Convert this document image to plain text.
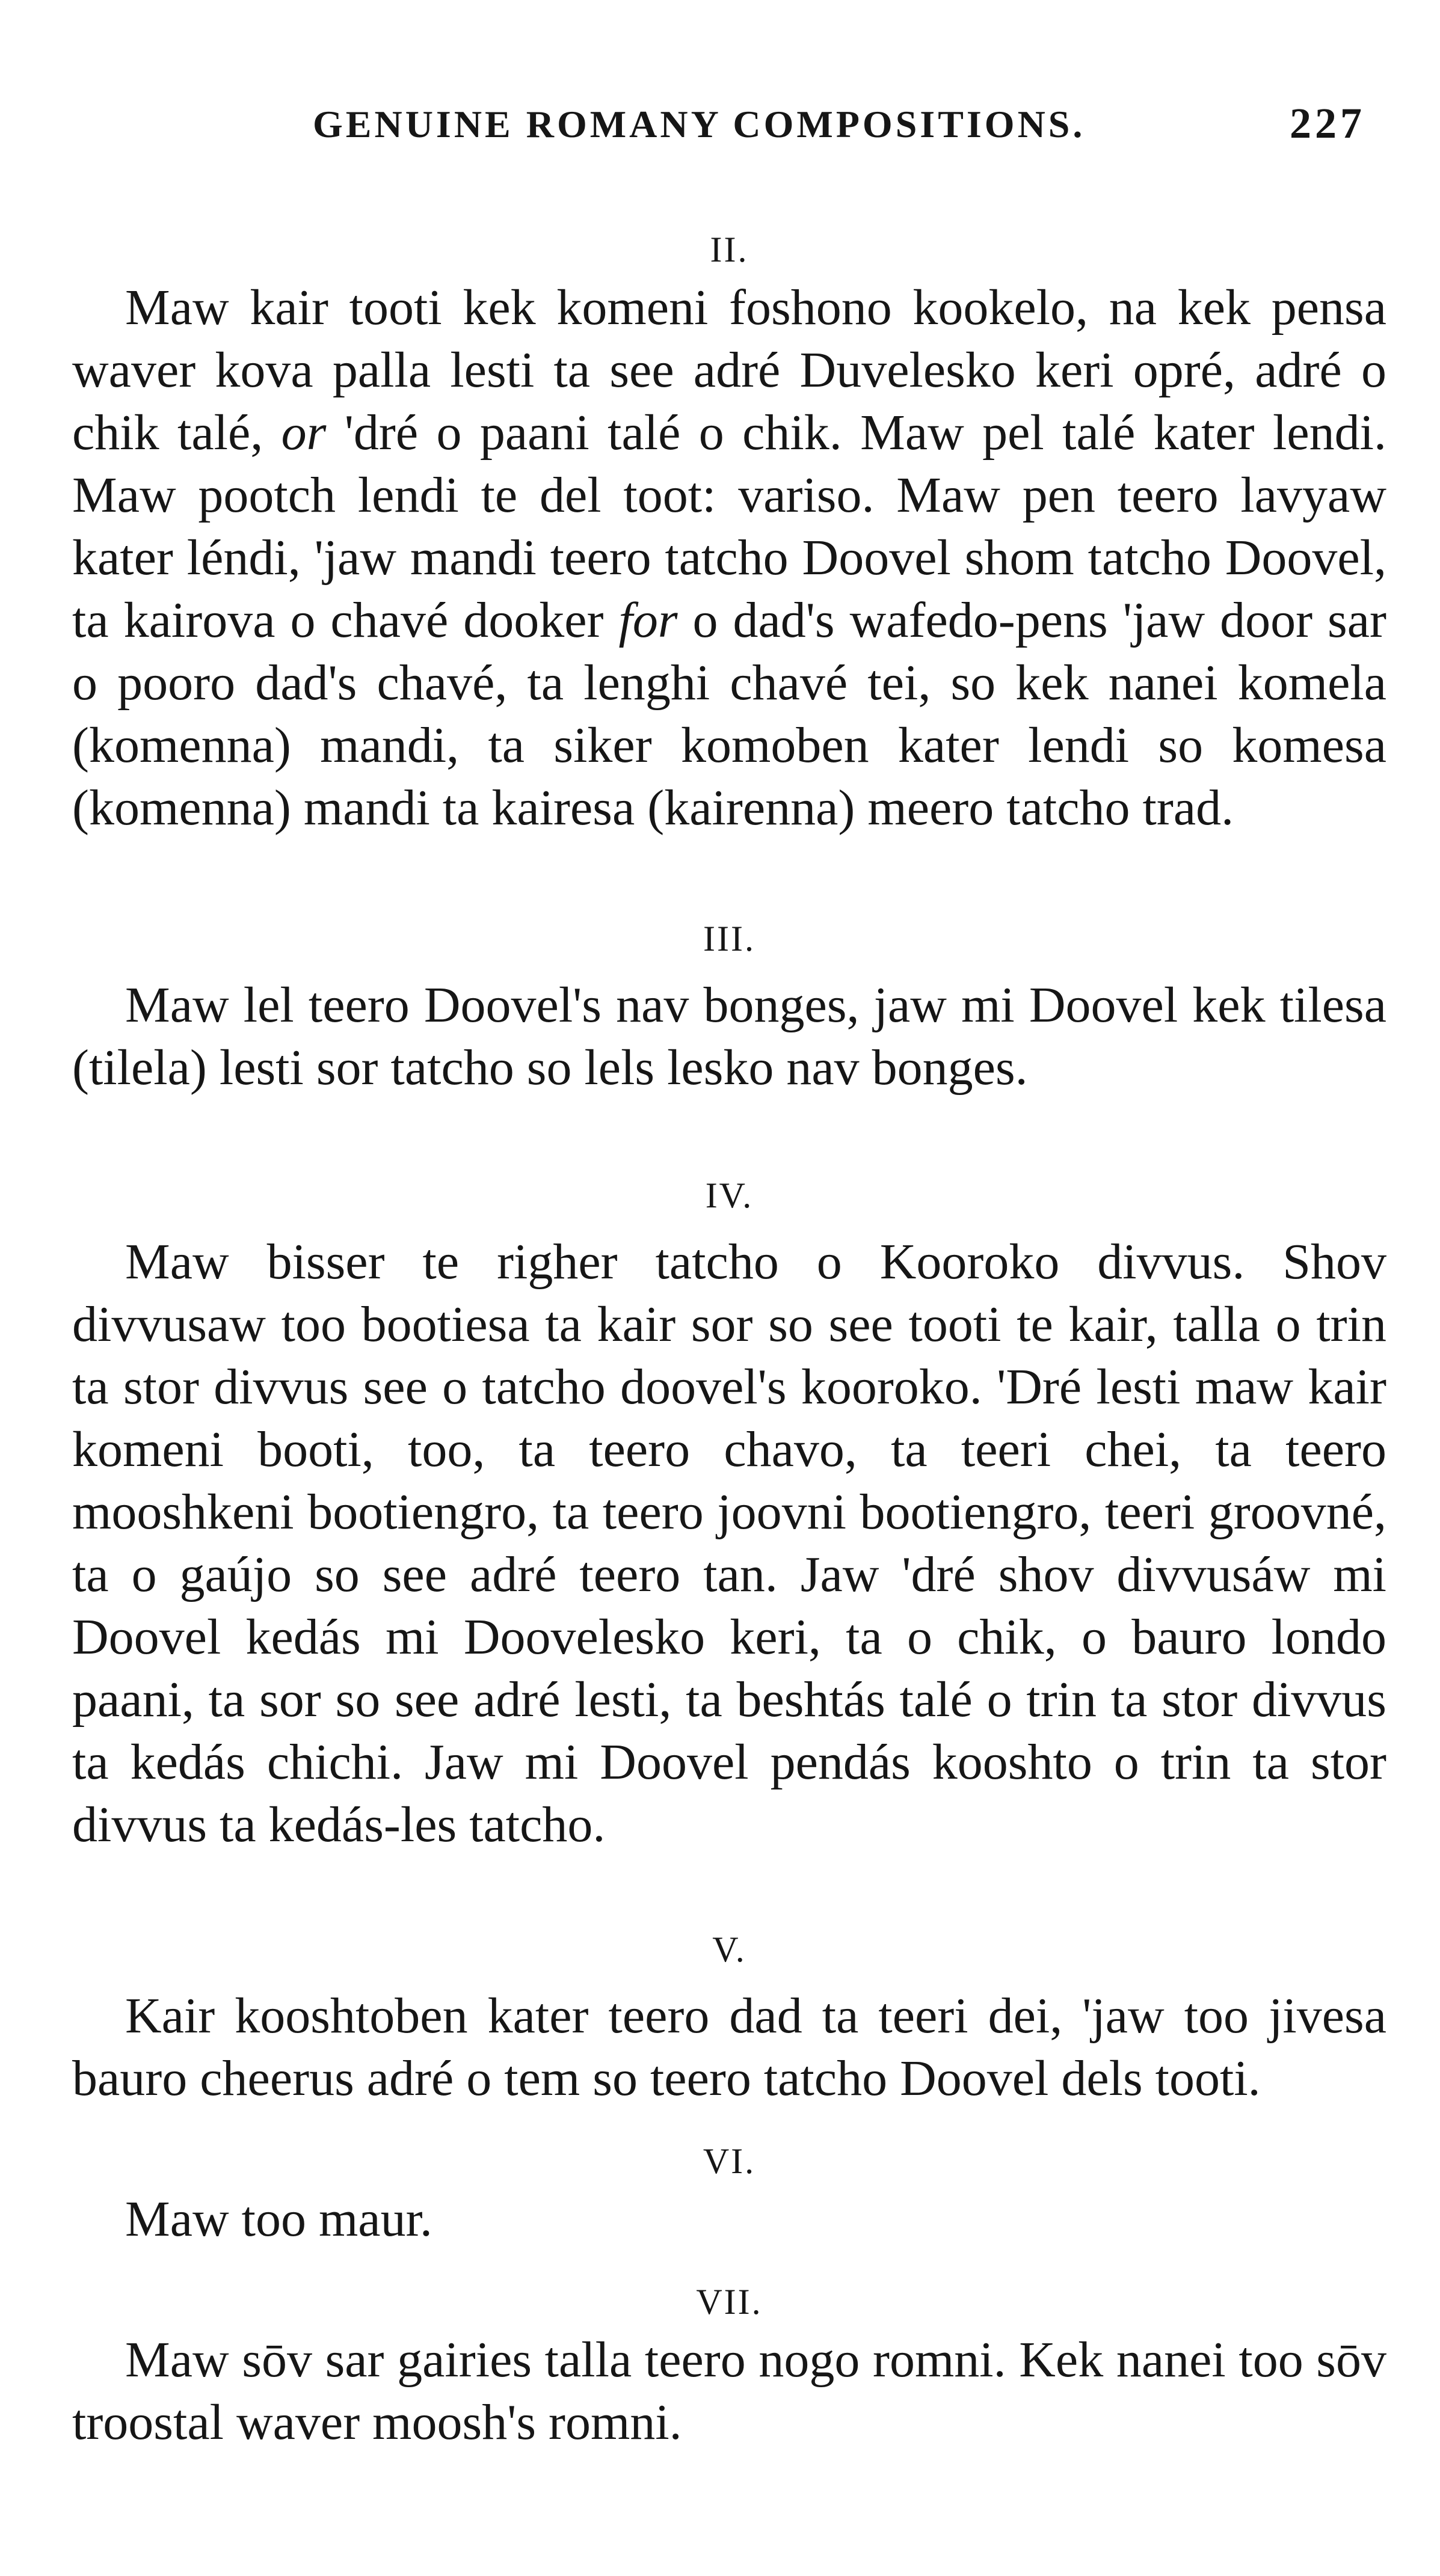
GENUINE ROMANY COMPOSITIONS.	227
II.

Maw kair tooti kek komeni foshono kookelo, na kek pensa waver kova palla lesti ta see adré Duvelesko keri opré, adré o chik talé, or 'dré o paani talé o chik. Maw pel talé kater lendi. Maw pootch lendi te del toot: variso. Maw pen teero lavyaw kater léndi, 'jaw mandi teero tatcho Doovel shom tatcho Doovel, ta kairova o chavé dooker for o dad's wafedo-pens 'jaw door sar o pooro dad's chavé, ta lenghi chavé tei, so kek nanei komela (komenna) mandi, ta siker komoben kater lendi so komesa (komenna) mandi ta kairesa (kairenna) meero tatcho trad.

III.

Maw lel teero Doovel's nav bonges, jaw mi Doovel kek tilesa (tilela) lesti sor tatcho so lels lesko nav bonges.

IV.

Maw bisser te righer tatcho o Kooroko divvus. Shov divvusaw too bootiesa ta kair sor so see tooti te kair, talla o trin ta stor divvus see o tatcho doovel's kooroko. 'Dré lesti maw kair komeni booti, too, ta teero chavo, ta teeri chei, ta teero mooshkeni bootiengro, ta teero joovni bootiengro, teeri groovné, ta o gaújo so see adré teero tan. Jaw 'dré shov divvusáw mi Doovel kedás mi Doovelesko keri, ta o chik, o bauro londo paani, ta sor so see adré lesti, ta beshtás talé o trin ta stor divvus ta kedás chichi. Jaw mi Doovel pendás kooshto o trin ta stor divvus ta kedás-les tatcho.

V.

Kair kooshtoben kater teero dad ta teeri dei, 'jaw too jivesa bauro cheerus adré o tem so teero tatcho Doovel dels tooti.

VI.

Maw too maur.

VII.

Maw sōv sar gairies talla teero nogo romni. Kek nanei too sōv troostal waver moosh's romni.
